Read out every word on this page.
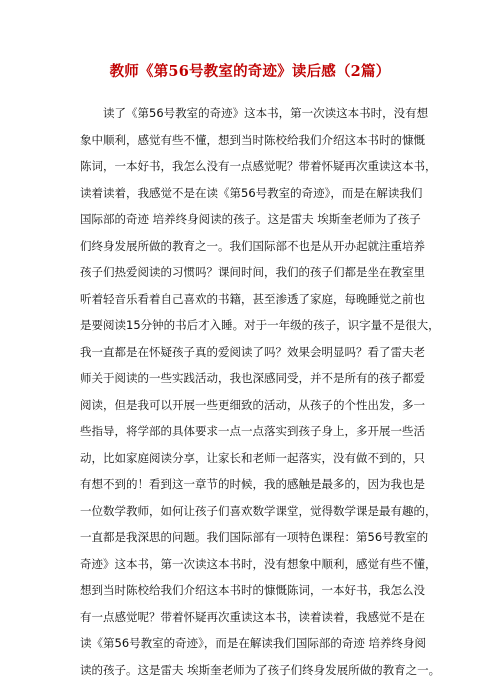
教师《第56号教室的奇迹》读后感（2篇）
　　读了《第56号教室的奇迹》这本书，第一次读这本书时，没有想
象中顺利，感觉有些不懂，想到当时陈校给我们介绍这本书时的慷慨
陈词，一本好书，我怎么没有一点感觉呢？带着怀疑再次重读这本书，
读着读着，我感觉不是在读《第56号教室的奇迹》，而是在解读我们
国际部的奇迹 培养终身阅读的孩子。这是雷夫 埃斯奎老师为了孩子
们终身发展所做的教育之一。我们国际部不也是从开办起就注重培养
孩子们热爱阅读的习惯吗？课间时间，我们的孩子们都是坐在教室里
听着轻音乐看着自己喜欢的书籍，甚至渗透了家庭，每晚睡觉之前也
是要阅读15分钟的书后才入睡。对于一年级的孩子，识字量不是很大，
我一直都是在怀疑孩子真的爱阅读了吗？效果会明显吗？看了雷夫老
师关于阅读的一些实践活动，我也深感同受，并不是所有的孩子都爱
阅读，但是我可以开展一些更细致的活动，从孩子的个性出发，多一
些指导，将学部的具体要求一点一点落实到孩子身上，多开展一些活
动，比如家庭阅读分享，让家长和老师一起落实，没有做不到的，只
有想不到的！看到这一章节的时候，我的感触是最多的，因为我也是
一位数学教师，如何让孩子们喜欢数学课堂，觉得数学课是最有趣的，
一直都是我深思的问题。我们国际部有一项特色课程：第56号教室的
奇迹》这本书，第一次读这本书时，没有想象中顺利，感觉有些不懂，
想到当时陈校给我们介绍这本书时的慷慨陈词，一本好书，我怎么没
有一点感觉呢？带着怀疑再次重读这本书，读着读着，我感觉不是在
读《第56号教室的奇迹》，而是在解读我们国际部的奇迹 培养终身阅
读的孩子。这是雷夫 埃斯奎老师为了孩子们终身发展所做的教育之一。
